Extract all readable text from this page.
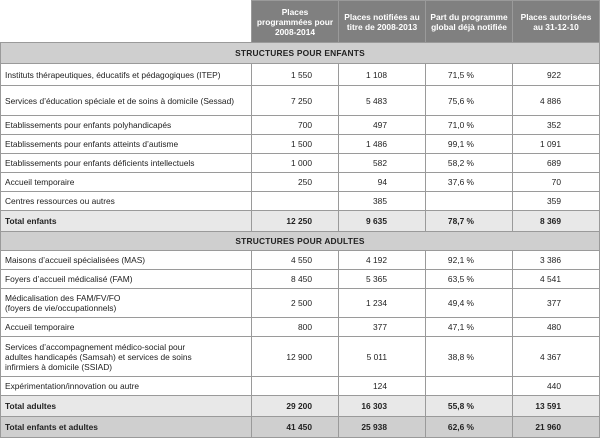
	Places programmées pour 2008-2014	Places notifiées au titre de 2008-2013	Part du programme global déjà notifiée	Places autorisées au 31-12-10
STRUCTURES POUR ENFANTS				
Instituts thérapeutiques, éducatifs et pédagogiques (ITEP)	1 550	1 108	71,5 %	922
Services d’éducation spéciale et de soins à domicile (Sessad)	7 250	5 483	75,6 %	4 886
Etablissements pour enfants polyhandicapés	700	497	71,0 %	352
Etablissements pour enfants atteints d’autisme	1 500	1 486	99,1 %	1 091
Etablissements pour enfants déficients intellectuels	1 000	582	58,2 %	689
Accueil temporaire	250	94	37,6 %	70
Centres ressources ou autres		385		359
Total enfants	12 250	9 635	78,7 %	8 369
STRUCTURES POUR ADULTES				
Maisons d’accueil spécialisées (MAS)	4 550	4 192	92,1 %	3 386
Foyers d’accueil médicalisé (FAM)	8 450	5 365	63,5 %	4 541
Médicalisation des FAM/FV/FO
(foyers de vie/occupationnels)	2 500	1 234	49,4 %	377
Accueil temporaire	800	377	47,1 %	480
Services d’accompagnement médico-social pour
adultes handicapés (Samsah) et services de soins
infirmiers à domicile (SSIAD)	12 900	5 011	38,8 %	4 367
Expérimentation/innovation ou autre		124		440
Total adultes	29 200	16 303	55,8 %	13 591
Total enfants et adultes	41 450	25 938	62,6 %	21 960
